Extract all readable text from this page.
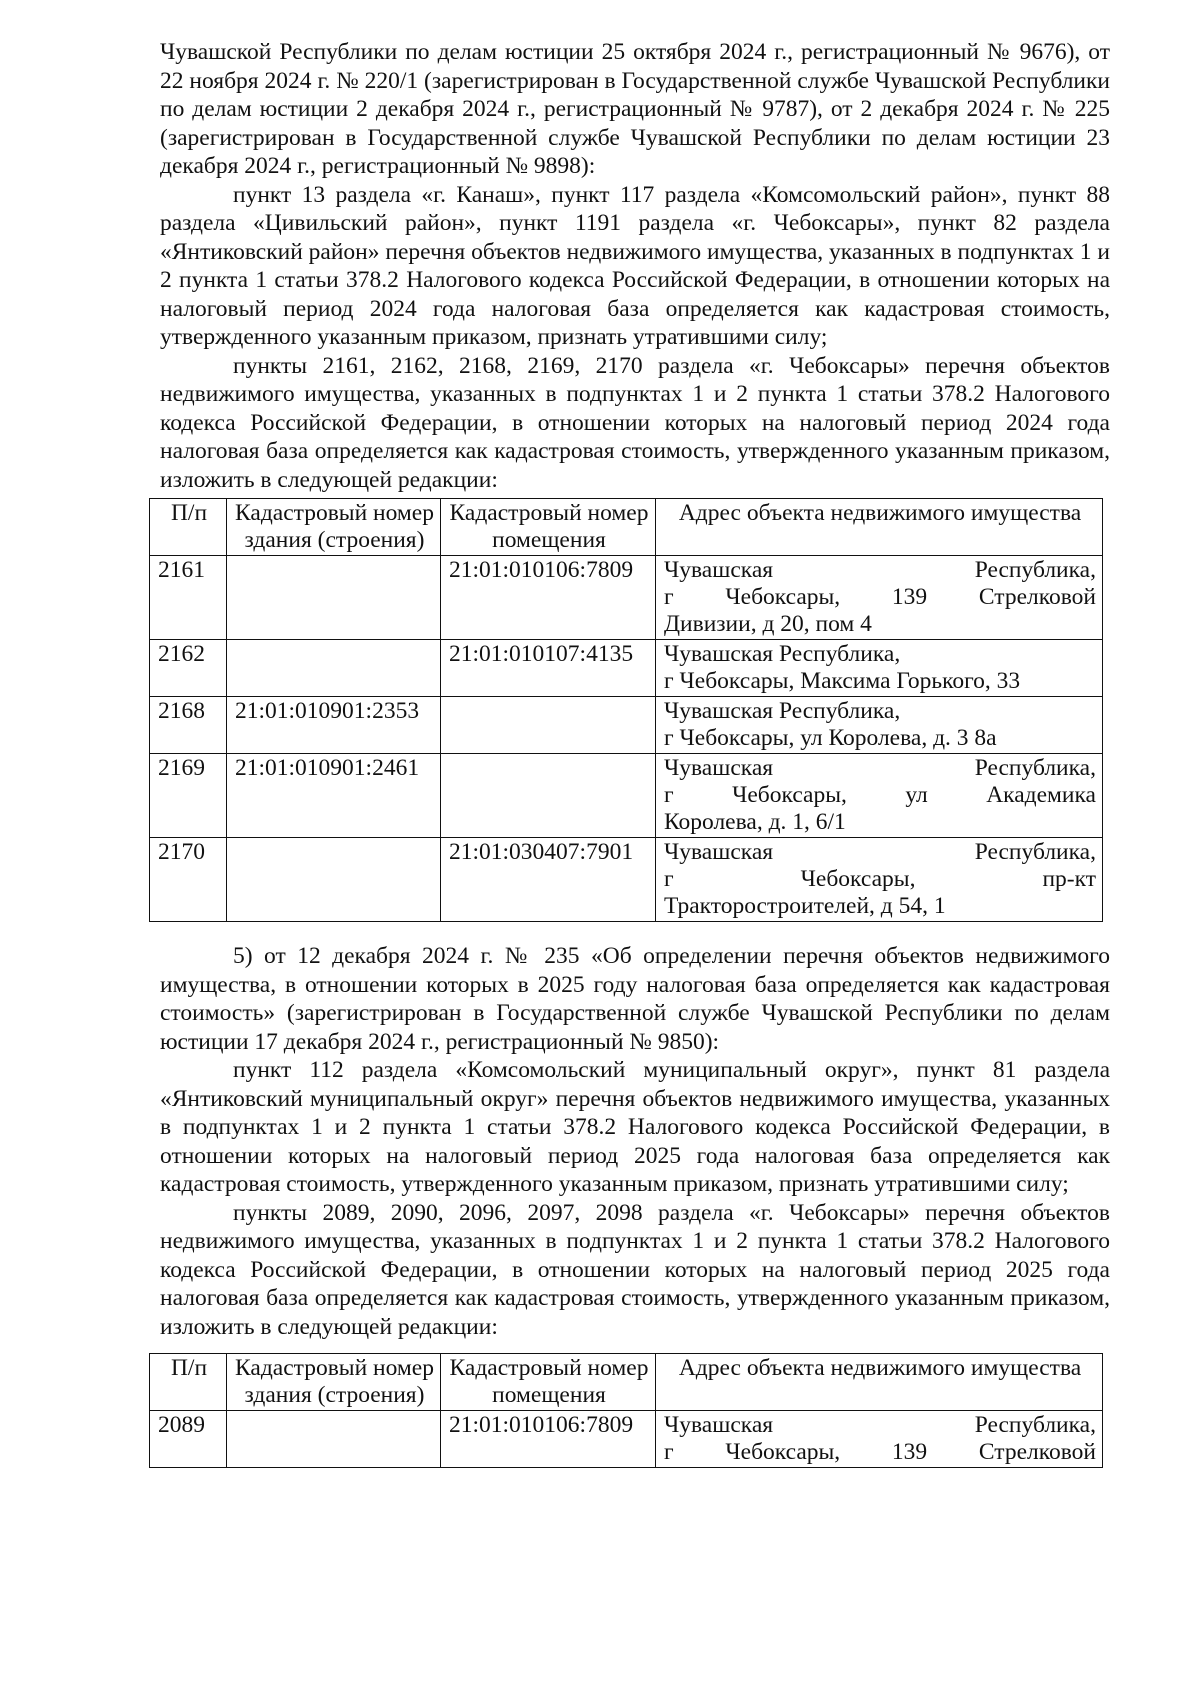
Чувашской Республики по делам юстиции 25 октября 2024 г., регистрационный № 9676), от 22 ноября 2024 г. № 220/1 (зарегистрирован в Государственной службе Чувашской Республики по делам юстиции 2 декабря 2024 г., регистрационный № 9787), от 2 декабря 2024 г. № 225 (зарегистрирован в Государственной службе Чувашской Республики по делам юстиции 23 декабря 2024 г., регистрационный № 9898):

пункт 13 раздела «г. Канаш», пункт 117 раздела «Комсомольский район», пункт 88 раздела «Цивильский район», пункт 1191 раздела «г. Чебоксары», пункт 82 раздела «Янтиковский район» перечня объектов недвижимого имущества, указанных в подпунктах 1 и 2 пункта 1 статьи 378.2 Налогового кодекса Российской Федерации, в отношении которых на налоговый период 2024 года налоговая база определяется как кадастровая стоимость, утвержденного указанным приказом, признать утратившими силу;

пункты 2161, 2162, 2168, 2169, 2170 раздела «г. Чебоксары» перечня объектов недвижимого имущества, указанных в подпунктах 1 и 2 пункта 1 статьи 378.2 Налогового кодекса Российской Федерации, в отношении которых на налоговый период 2024 года налоговая база определяется как кадастровая стоимость, утвержденного указанным приказом, изложить в следующей редакции:

П/п	Кадастровый номер здания (строения)	Кадастровый номер помещения	Адрес объекта недвижимого имущества
2161		21:01:010106:7809	Чувашская Республика,
г Чебоксары, 139 Стрелковой
Дивизии, д 20, пом 4

2162		21:01:010107:4135	Чувашская Республика,
г Чебоксары, Максима Горького, 33

2168	21:01:010901:2353		Чувашская Республика,
г Чебоксары, ул Королева, д. 3 8а

2169	21:01:010901:2461		Чувашская Республика,
г Чебоксары, ул Академика
Королева, д. 1, 6/1

2170		21:01:030407:7901	Чувашская Республика,
г Чебоксары, пр-кт
Тракторостроителей, д 54, 1

5) от 12 декабря 2024 г. № 235 «Об определении перечня объектов недвижимого имущества, в отношении которых в 2025 году налоговая база определяется как кадастровая стоимость» (зарегистрирован в Государственной службе Чувашской Республики по делам юстиции 17 декабря 2024 г., регистрационный № 9850):

пункт 112 раздела «Комсомольский муниципальный округ», пункт 81 раздела «Янтиковский муниципальный округ» перечня объектов недвижимого имущества, указанных в подпунктах 1 и 2 пункта 1 статьи 378.2 Налогового кодекса Российской Федерации, в отношении которых на налоговый период 2025 года налоговая база определяется как кадастровая стоимость, утвержденного указанным приказом, признать утратившими силу;

пункты 2089, 2090, 2096, 2097, 2098 раздела «г. Чебоксары» перечня объектов недвижимого имущества, указанных в подпунктах 1 и 2 пункта 1 статьи 378.2 Налогового кодекса Российской Федерации, в отношении которых на налоговый период 2025 года налоговая база определяется как кадастровая стоимость, утвержденного указанным приказом, изложить в следующей редакции:

П/п	Кадастровый номер здания (строения)	Кадастровый номер помещения	Адрес объекта недвижимого имущества
2089		21:01:010106:7809	Чувашская Республика,
г Чебоксары, 139 Стрелковой
